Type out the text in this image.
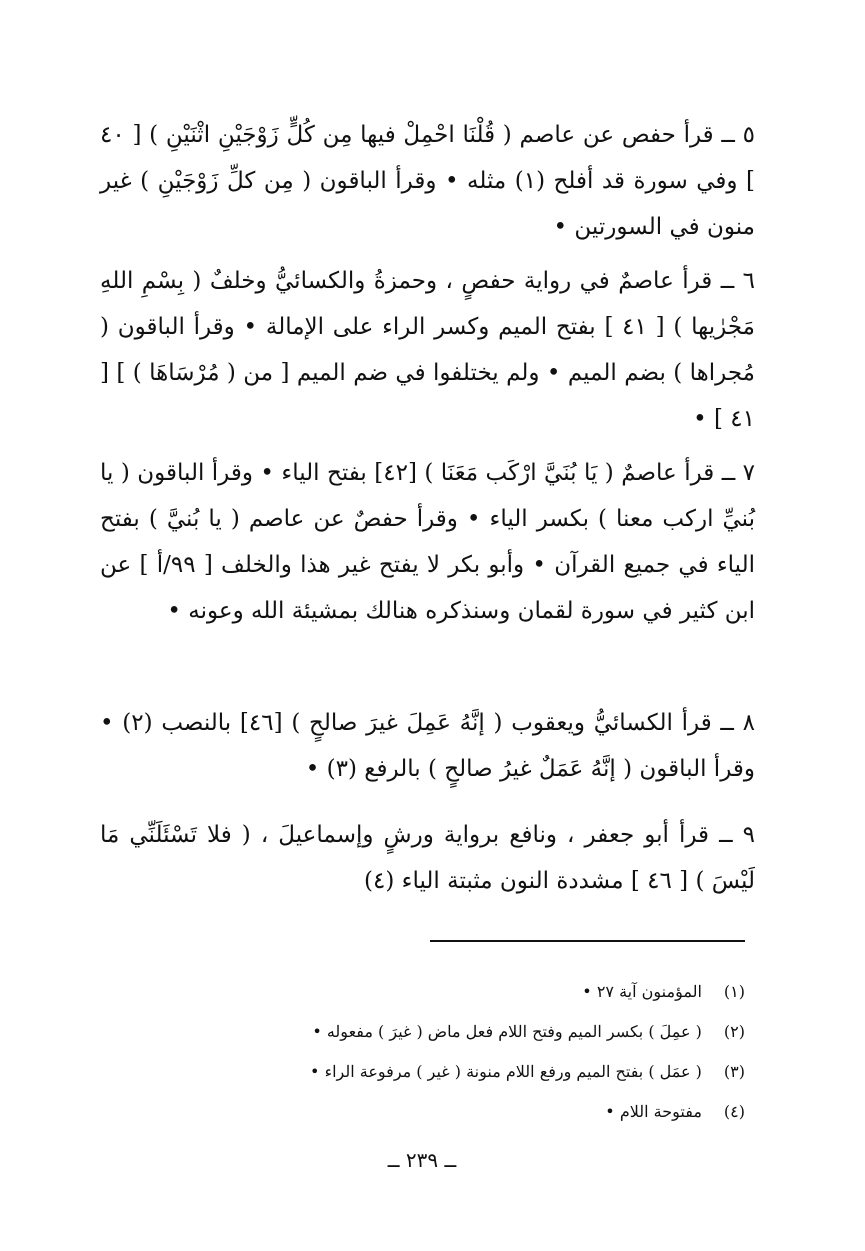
٥ ــ قرأ حفص عن عاصم ( قُلْنَا احْمِلْ فيها مِن كُلٍّ زَوْجَيْنِ اثْنَيْنِ ) [ ٤٠ ] وفي سورة قد أفلح (١) مثله • وقرأ الباقون ( مِن كلِّ زَوْجَيْنِ ) غير منون في السورتين •

٦ ــ قرأ عاصمٌ في رواية حفصٍ ، وحمزةُ والكسائيُّ وخلفٌ ( بِسْمِ اللهِ مَجْرٰيها ) [ ٤١ ] بفتح الميم وكسر الراء على الإمالة • وقرأ الباقون ( مُجراها ) بضم الميم • ولم يختلفوا في ضم الميم [ من ( مُرْسَاهَا ) ] [ ٤١ ] •

٧ ــ قرأ عاصمٌ ( يَا بُنَيَّ ارْكَب مَعَنَا ) [٤٢] بفتح الياء • وقرأ الباقون ( يا بُنيِّ اركب معنا ) بكسر الياء • وقرأ حفصٌ عن عاصم ( يا بُنيَّ ) بفتح الياء في جميع القرآن • وأبو بكر لا يفتح غير هذا والخلف [ ٩٩/أ ] عن ابن كثير في سورة لقمان وسنذكره هنالك بمشيئة الله وعونه •

٨ ــ قرأ الكسائيُّ ويعقوب ( إنَّهُ عَمِلَ غيرَ صالحٍ ) [٤٦] بالنصب (٢) • وقرأ الباقون ( إنَّهُ عَمَلٌ غيرُ صالحٍ ) بالرفع (٣) •

٩ ــ قرأ أبو جعفر ، ونافع برواية ورشٍ وإسماعيلَ ، ( فلا تَسْئَلَنِّي مَا لَيْسَ ) [ ٤٦ ] مشددة النون مثبتة الياء (٤)

(١) المؤمنون آية ٢٧ •
(٢) ( عمِلَ ) بكسر الميم وفتح اللام فعل ماض ( غيرَ ) مفعوله •
(٣) ( عمَل ) بفتح الميم ورفع اللام منونة ( غير ) مرفوعة الراء •
(٤) مفتوحة اللام •
ــ ٢٣٩ ــ
